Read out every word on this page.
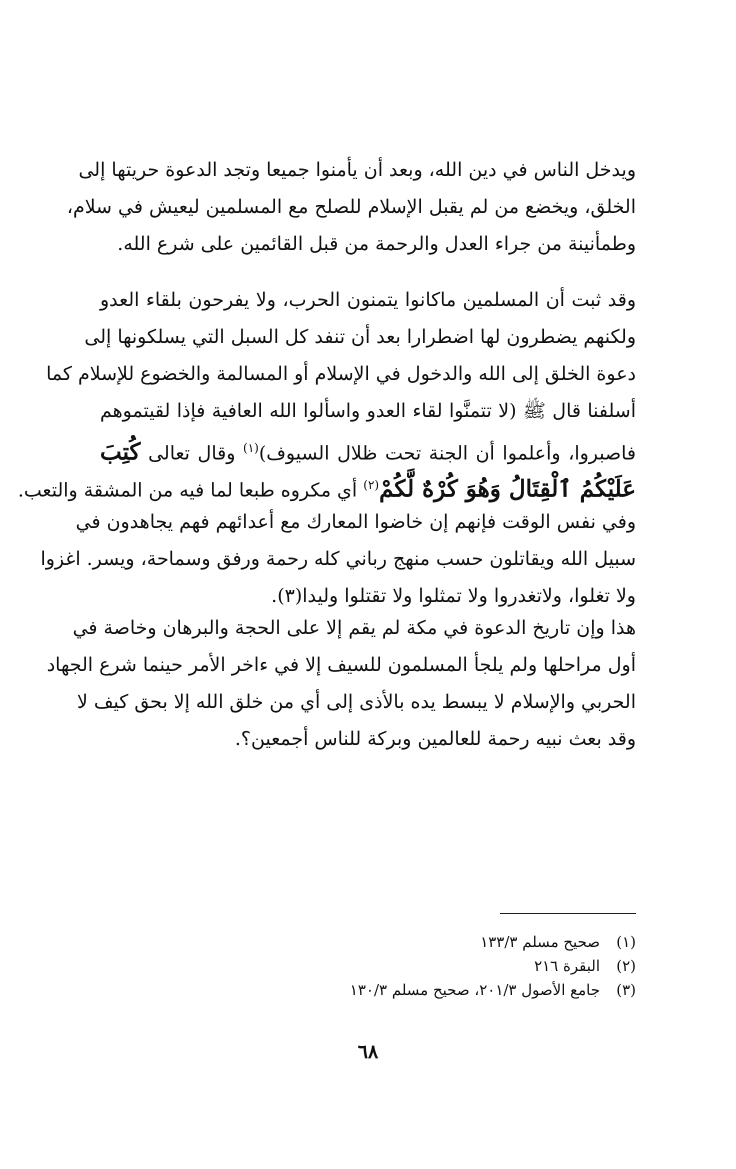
ويدخل الناس في دين الله، وبعد أن يأمنوا جميعا وتجد الدعوة حريتها إلى
الخلق، ويخضع من لم يقبل الإسلام للصلح مع المسلمين ليعيش في سلام،
وطمأنينة من جراء العدل والرحمة من قبل القائمين على شرع الله.
وقد ثبت أن المسلمين ماكانوا يتمنون الحرب، ولا يفرحون بلقاء العدو
ولكنهم يضطرون لها اضطرارا بعد أن تنفد كل السبل التي يسلكونها إلى
دعوة الخلق إلى الله والدخول في الإسلام أو المسالمة والخضوع للإسلام كما
أسلفنا قال ﷺ (لا تتمنَّوا لقاء العدو واسألوا الله العافية فإذا لقيتموهم
فاصبروا، وأعلموا أن الجنة تحت ظلال السيوف)$^{(١)}$ وقال تعالى كُتِبَ
عَلَيْكُمُ ٱلْقِتَالُ وَهُوَ كُرْهٌ لَّكُمْ$^{(٢)}$ أي مكروه طبعا لما فيه من المشقة والتعب.
وفي نفس الوقت فإنهم إن خاضوا المعارك مع أعدائهم فهم يجاهدون في
سبيل الله ويقاتلون حسب منهج رباني كله رحمة ورفق وسماحة، ويسر. اغزوا
ولا تغلوا، ولاتغدروا ولا تمثلوا ولا تقتلوا وليدا(٣).
هذا وإن تاريخ الدعوة في مكة لم يقم إلا على الحجة والبرهان وخاصة في
أول مراحلها ولم يلجأ المسلمون للسيف إلا في ءاخر الأمر حينما شرع الجهاد
الحربي والإسلام لا يبسط يده بالأذى إلى أي من خلق الله إلا بحق كيف لا
وقد بعث نبيه رحمة للعالمين وبركة للناس أجمعين؟.
(١)صحيح مسلم ١٣٣/٣
(٢)البقرة ٢١٦
(٣)جامع الأصول ٢٠١/٣، صحيح مسلم ١٣٠/٣
٦٨
